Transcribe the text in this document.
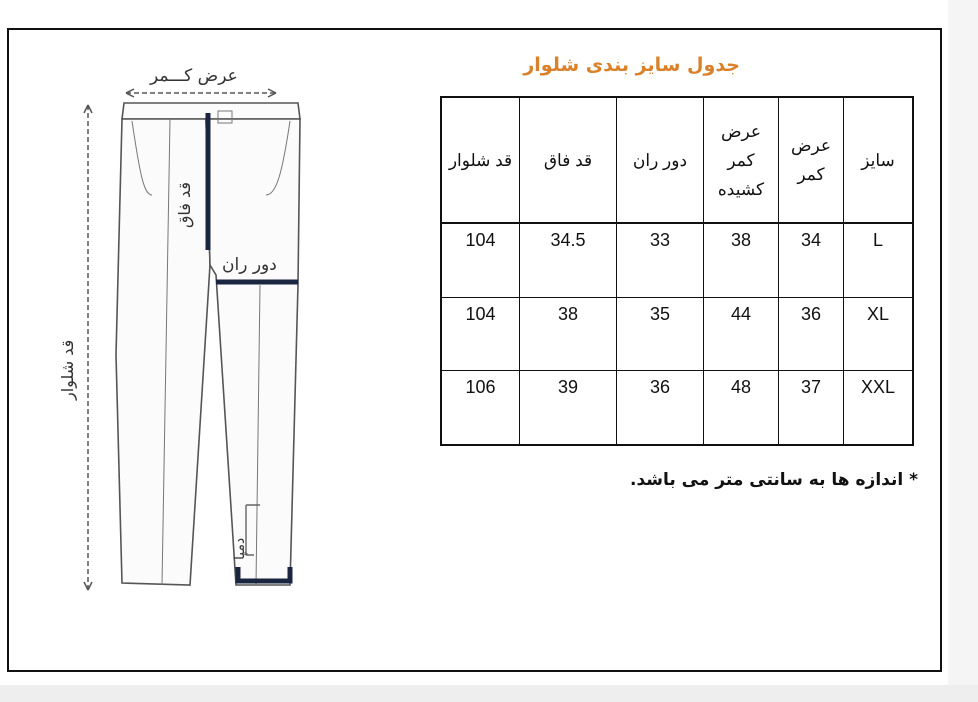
جدول سایز بندی شلوار
سایز	عرض کمر	عرض کمر کشیده	دور ران	قد فاق	قد شلوار
L	34	38	33	34.5	104
XL	36	44	35	38	104
XXL	37	48	36	39	106
* اندازه ها به سانتی متر می باشد.
عرض کـــمر
دور ران
قد فاق
قد شلوار
دمپا
